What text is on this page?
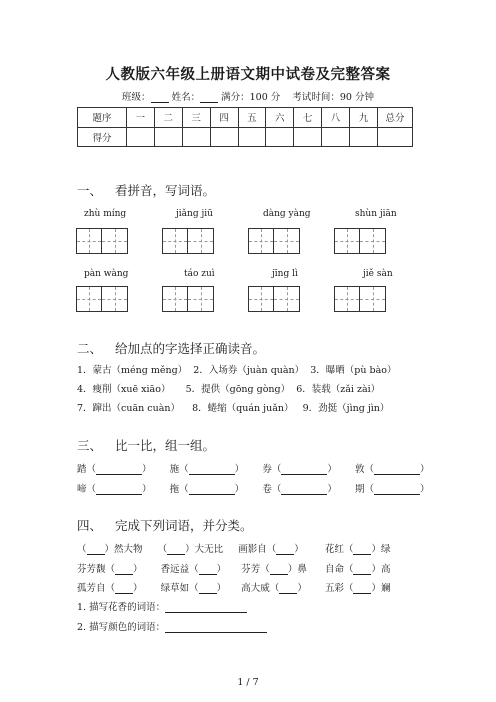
人教版六年级上册语文期中试卷及完整答案
班级： 姓名： 满分：100 分 考试时间：90 分钟
题序	一	二	三	四	五	六	七	八	九	总分
得分										
一、 看拼音，写词语。
zhù míng	jiǎng jiū	dàng yàng	shùn jiān
pàn wàng	táo zuì	jīng lì	jiě sàn
二、 给加点的字选择正确读音。
1．蒙古（méng měng） 2．入场券（juàn quàn） 3．曝晒（pù bào）
4．瘦削（xuē xiāo） 5．提供（gōng gòng） 6．装载（zǎi zài）
7．蹿出（cuān cuàn） 8．蜷缩（quán juǎn） 9．劲挺（jìng jìn）
三、 比一比，组一组。
踏（	） 施（	） 券（	） 敦（	）
啼（	） 拖（	） 卷（	） 期（	）
四、 完成下列词语，并分类。
（ ）然大物 （ ）大无比 画影自（ ） 花红（ ）绿
芬芳馥（ ） 香远益（ ） 芬芳（ ）鼻 自命（ ）高
孤芳自（ ） 绿草如（ ） 高大威（ ） 五彩（ ）斓
1. 描写花香的词语：
2. 描写颜色的词语：
1 / 7
